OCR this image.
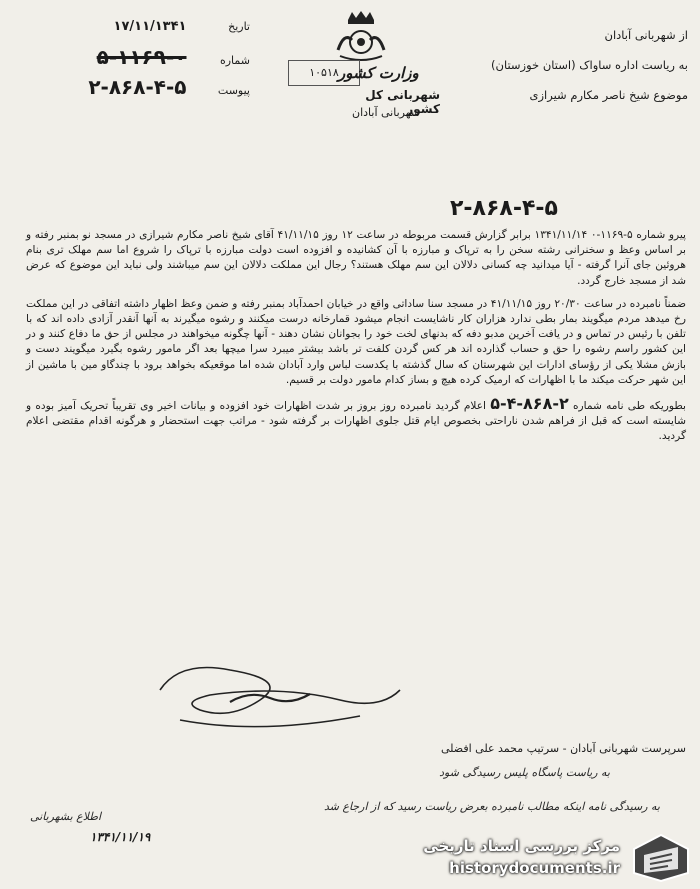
تاریخ ۱۷/۱۱/۱۳۴۱
شماره ۵-۱۱۶۹-۰
پیوست ۲-۸۶۸-۴-۵
۱۰۵۱۸ وزارت کشور
شهربانی کل کشور
شهربانی آبادان
از شهربانی آبادان
به ریاست اداره ساواک (استان خوزستان)
موضوع شیخ ناصر مکارم شیرازی
۲-۸۶۸-۴-۵

پیرو شماره ۵-۱۱۶۹-۰ ۱۳۴۱/۱۱/۱۴ برابر گزارش قسمت مربوطه در ساعت ۱۲ روز ۴۱/۱۱/۱۵ آقای شیخ ناصر مکارم شیرازی در مسجد نو بمنبر رفته و بر اساس وعظ و سخنرانی رشته سخن را به ترپاک و مبارزه با آن کشانیده و افزوده است دولت مبارزه با ترپاک را شروع اما سم مهلک تری بنام هروئین جای آنرا گرفته - آیا میدانید چه کسانی دلالان این سم مهلک هستند؟ رجال این مملکت دلالان این سم میباشند ولی نباید این موضوع که عرض شد از مسجد خارج گردد.

ضمناً نامبرده در ساعت ۲۰/۳۰ روز ۴۱/۱۱/۱۵ در مسجد سنا ساداتی واقع در خیابان احمدآباد بمنبر رفته و ضمن وعظ اظهار داشته اتفاقی در این مملکت رخ میدهد مردم میگویند بمار بطی ندارد هزاران کار ناشایست انجام میشود قمارخانه درست میکنند و رشوه میگیرند به آنها آنقدر آزادی داده اند که با تلفن با رئیس در تماس و در یافت آخرین مدبو دفه که بدنهای لخت خود را بجوانان نشان دهند - آنها چگونه میخواهند در مجلس از حق ما دفاع کنند و در این کشور راسم رشوه را حق و حساب گذارده اند هر کس گردن کلفت تر باشد بیشتر میبرد سرا میچها بعد اگر مامور رشوه بگیرد میگویند دست و بازش مشلا یکی از رؤسای ادارات این شهرستان که سال گذشته با یکدست لباس وارد آبادان شده اما موقعیکه بخواهد برود با چندگاو مین با ماشین از این شهر حرکت میکند ما با اظهارات که ارمیک کرده هیچ و بساز کدام مامور دولت بر قسیم.

بطوریکه طی نامه شماره ۲-۸۶۸-۴-۵ اعلام گردید نامبرده روز بروز بر شدت اظهارات خود افزوده و بیانات اخیر وی تقریباً تحریک آمیز بوده و شایسته است که قبل از فراهم شدن ناراحتی بخصوص ایام قتل جلوی اظهارات بر گرفته شود - مراتب جهت استحضار و هرگونه اقدام مقتضی اعلام گردید.

سرپرست شهربانی آبادان - سرتیپ محمد علی افضلی
به ریاست پاسگاه پلیس رسیدگی شود
به رسیدگی نامه اینکه مطالب نامبرده بعرض ریاست رسید که از ارجاع شد
اطلاع بشهربانی
۱۳۴۱/۱۱/۱۹	مرکز بررسی اسناد تاریخی
historydocuments.ir
